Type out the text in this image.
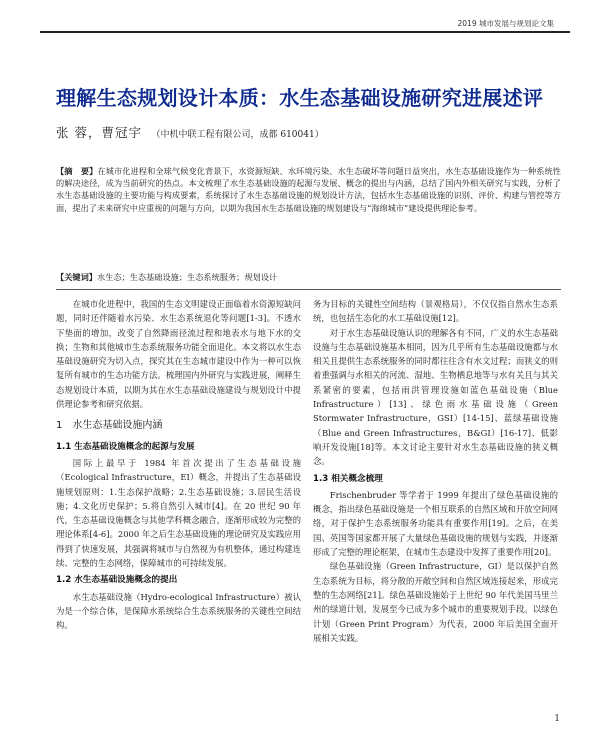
2019 城市发展与规划论文集
理解生态规划设计本质：水生态基础设施研究进展述评
张 蓉，曹冠宇 （中机中联工程有限公司，成都 610041）
【摘　要】在城市化进程和全球气候变化背景下，水资源短缺、水环境污染、水生态破坏等问题日益突出，水生态基础设施作为一种系统性的解决途径，成为当前研究的热点。本文梳理了水生态基础设施的起源与发展、概念的提出与内涵，总结了国内外相关研究与实践，分析了水生态基础设施的主要功能与构成要素，系统探讨了水生态基础设施的规划设计方法，包括水生态基础设施的识别、评价、构建与管控等方面，提出了未来研究中应重视的问题与方向，以期为我国水生态基础设施的规划建设与“海绵城市”建设提供理论参考。
【关键词】水生态；生态基础设施；生态系统服务；规划设计

在城市化进程中，我国的生态文明建设正面临着水资源短缺问题，同时还伴随着水污染、水生态系统退化等问题[1-3]。不透水下垫面的增加，改变了自然降雨径流过程和地表水与地下水的交换；生物和其他城市生态系统服务功能全面退化。本文将以水生态基础设施研究为切入点，探究其在生态城市建设中作为一种可以恢复所有城市的生态功能方法。梳理国内外研究与实践进展，阐释生态规划设计本质，以期为其在水生态基础设施建设与规划设计中提供理论参考和研究依据。

1　水生态基础设施内涵
1.1 生态基础设施概念的起源与发展

国际上最早于 1984 年首次提出了生态基础设施（Ecological Infrastructure，EI）概念，并提出了生态基础设施规划原则：1.生态保护战略；2.生态基础设施；3.居民生活设施；4.文化历史保护；5.将自然引入城市[4]。在 20 世纪 90 年代，生态基础设施概念与其他学科概念融合，逐渐形成较为完整的理论体系[4-6]。2000 年之后生态基础设施的理论研究及实践应用得到了快速发展，其强调将城市与自然视为有机整体，通过构建连续、完整的生态网络，保障城市的可持续发展。

1.2 水生态基础设施概念的提出

水生态基础设施（Hydro-ecological Infrastructure）被认为是一个综合体，是保障水系统综合生态系统服务的关键性空间结构。

务为目标的关键性空间结构（景观格局），不仅仅指自然水生态系统，也包括生态化的水工基础设施[12]。

对于水生态基础设施认识的理解各有不同，广义的水生态基础设施与生态基础设施基本相同，因为几乎所有生态基础设施都与水相关且提供生态系统服务的同时都往往含有水文过程；而狭义的则着重强调与水相关的河流、湿地、生物栖息地等与水有关且与其关系紧密的要素，包括雨洪管理设施如蓝色基础设施（Blue Infrastructure）[13]、绿色雨水基础设施（Green Stormwater Infrastructure，GSI）[14-15]、蓝绿基础设施（Blue and Green Infrastructures，B&GI）[16-17]、低影响开发设施[18]等。本文讨论主要针对水生态基础设施的狭义概念。

1.3 相关概念梳理

Frischenbruder 等学者于 1999 年提出了绿色基础设施的概念，指出绿色基础设施是一个相互联系的自然区域和开放空间网络，对于保护生态系统服务功能具有重要作用[19]。之后，在美国、英国等国家都开展了大量绿色基础设施的规划与实践，并逐渐形成了完整的理论框架，在城市生态建设中发挥了重要作用[20]。

绿色基础设施（Green Infrastructure，GI）是以保护自然生态系统为目标，将分散的开敞空间和自然区域连接起来，形成完整的生态网络[21]。绿色基础设施始于上世纪 90 年代美国马里兰州的绿道计划，发展至今已成为多个城市的重要规划手段。以绿色计划（Green Print Program）为代表，2000 年后美国全面开展相关实践。

1
